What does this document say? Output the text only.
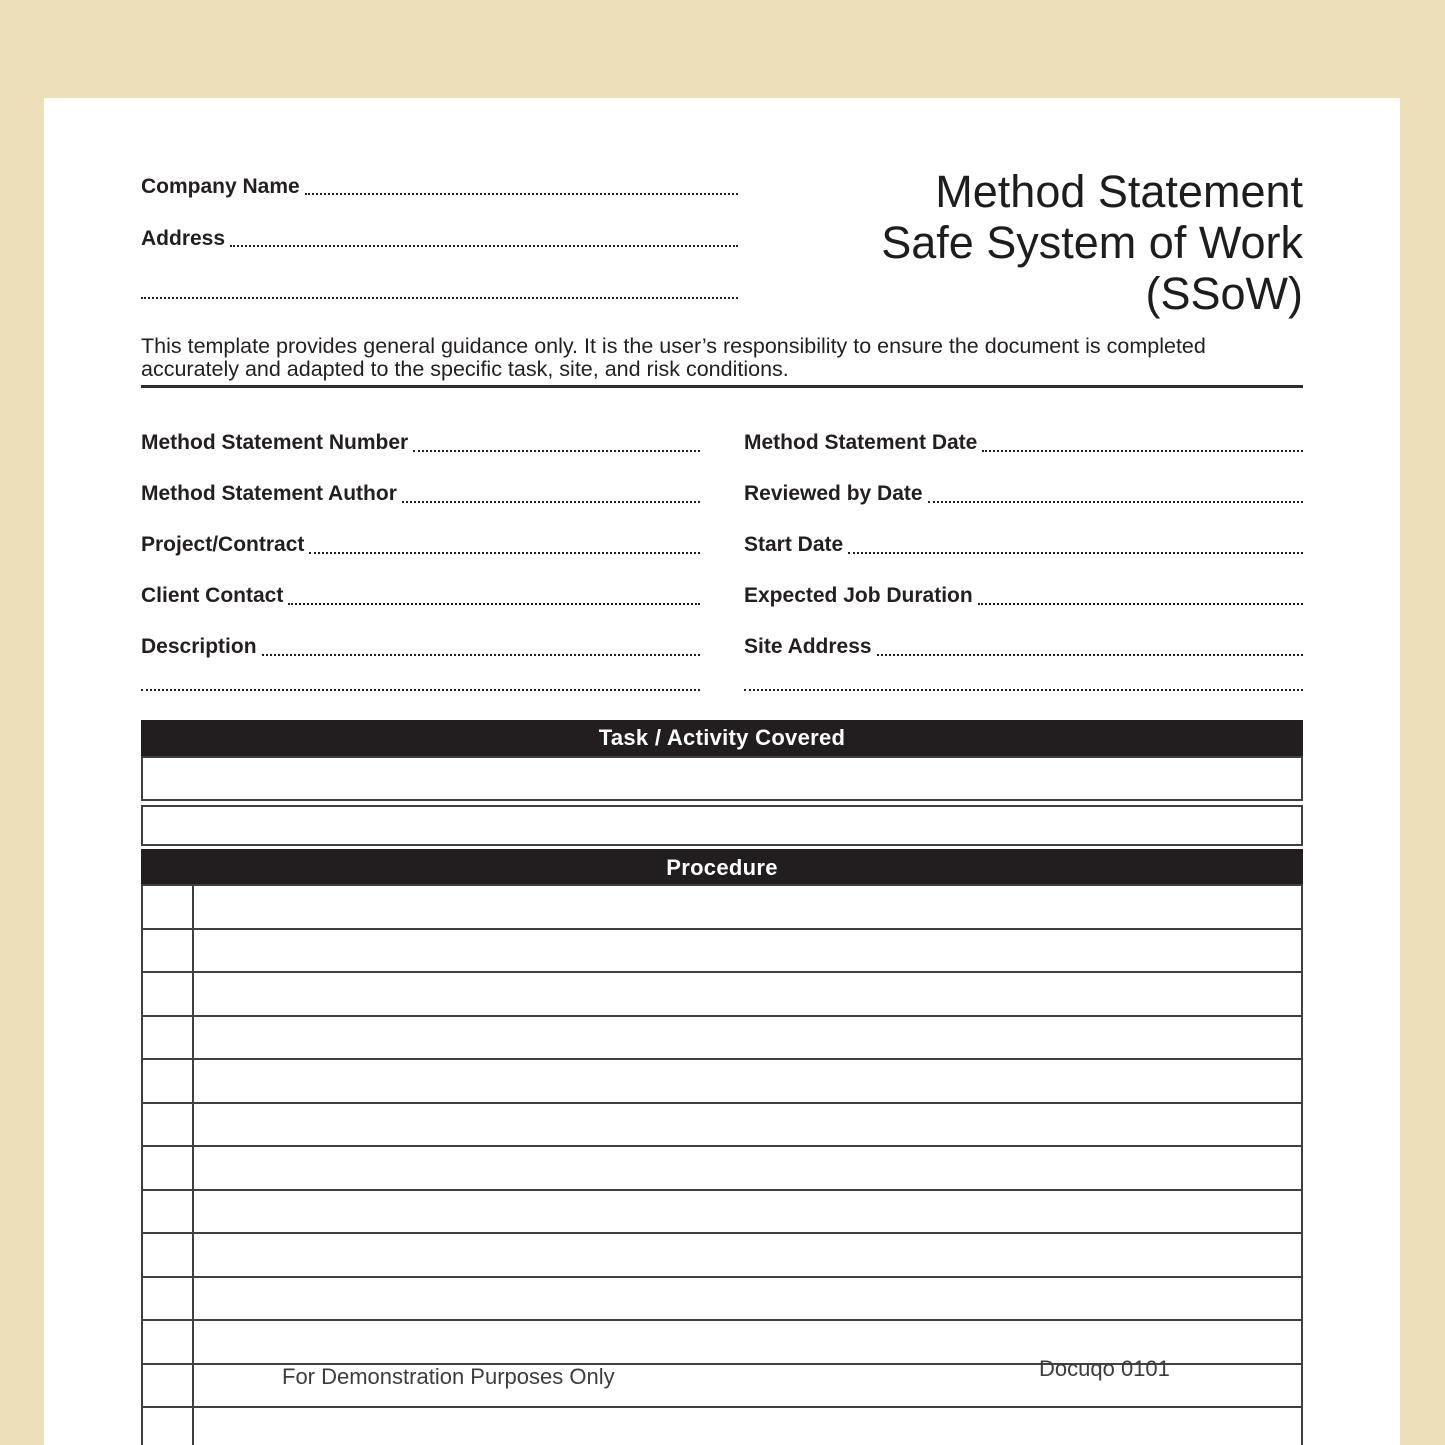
Company Name
Address
Method Statement
Safe System of Work (SSoW)

This template provides general guidance only. It is the user’s responsibility to ensure the document is completed accurately and adapted to the specific task, site, and risk conditions.

Method Statement Number
Method Statement Author
Project/Contract
Client Contact
Description
Method Statement Date
Reviewed by Date
Start Date
Expected Job Duration
Site Address
Task / Activity Covered
Procedure
For Demonstration Purposes Only	Docuqo 0101
